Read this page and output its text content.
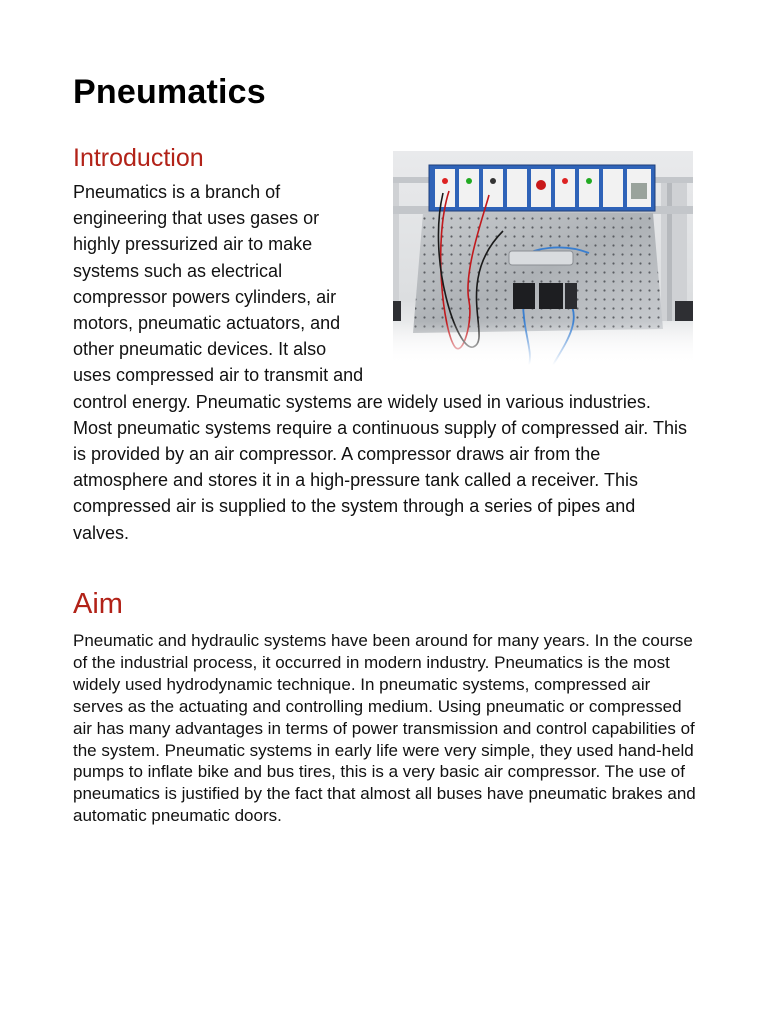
Pneumatics
Introduction

Pneumatics is a branch of engineering that uses gases or highly pressurized air to make systems such as electrical compressor powers cylinders, air motors, pneumatic actuators, and other pneumatic devices. It also uses compressed air to transmit and control energy. Pneumatic systems are widely used in various industries. Most pneumatic systems require a continuous supply of compressed air. This is provided by an air compressor. A compressor draws air from the atmosphere and stores it in a high-pressure tank called a receiver. This compressed air is supplied to the system through a series of pipes and valves.

Aim

Pneumatic and hydraulic systems have been around for many years. In the course of the industrial process, it occurred in modern industry. Pneumatics is the most widely used hydrodynamic technique. In pneumatic systems, compressed air serves as the actuating and controlling medium. Using pneumatic or compressed air has many advantages in terms of power transmission and control capabilities of the system. Pneumatic systems in early life were very simple, they used hand-held pumps to inflate bike and bus tires, this is a very basic air compressor. The use of pneumatics is justified by the fact that almost all buses have pneumatic brakes and automatic pneumatic doors.
